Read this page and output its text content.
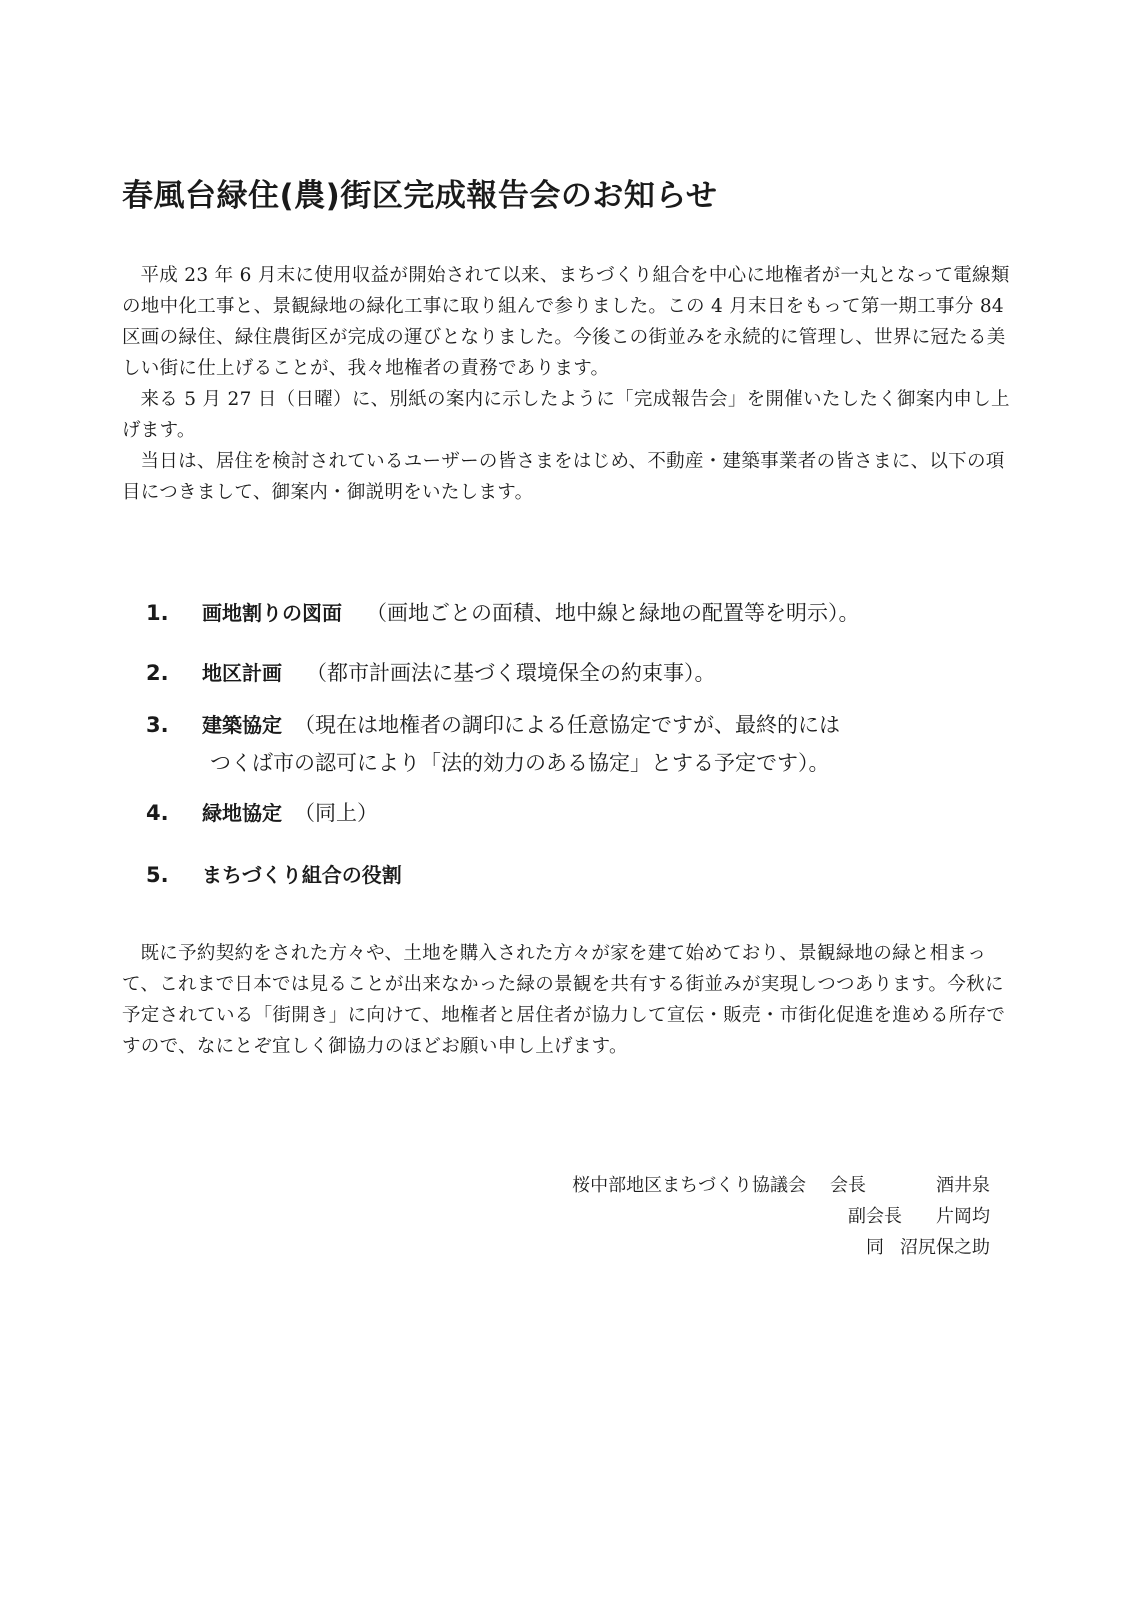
春風台緑住(農)街区完成報告会のお知らせ

平成 23 年 6 月末に使用収益が開始されて以来、まちづくり組合を中心に地権者が一丸となって電線類の地中化工事と、景観緑地の緑化工事に取り組んで参りました。この 4 月末日をもって第一期工事分 84 区画の緑住、緑住農街区が完成の運びとなりました。今後この街並みを永続的に管理し、世界に冠たる美しい街に仕上げることが、我々地権者の責務であります。

来る 5 月 27 日（日曜）に、別紙の案内に示したように「完成報告会」を開催いたしたく御案内申し上げます。

当日は、居住を検討されているユーザーの皆さまをはじめ、不動産・建築事業者の皆さまに、以下の項目につきまして、御案内・御説明をいたします。

1. 画地割りの図面 （画地ごとの面積、地中線と緑地の配置等を明示）。
2. 地区計画 （都市計画法に基づく環境保全の約束事）。
3. 建築協定 （現在は地権者の調印による任意協定ですが、最終的には
つくば市の認可により「法的効力のある協定」とする予定です）。
4. 緑地協定 （同上）
5. まちづくり組合の役割

既に予約契約をされた方々や、土地を購入された方々が家を建て始めており、景観緑地の緑と相まって、これまで日本では見ることが出来なかった緑の景観を共有する街並みが実現しつつあります。今秋に予定されている「街開き」に向けて、地権者と居住者が協力して宣伝・販売・市街化促進を進める所存ですので、なにとぞ宜しく御協力のほどお願い申し上げます。

桜中部地区まちづくり協議会 会長	酒井泉
副会長 片岡均
同 沼尻保之助
